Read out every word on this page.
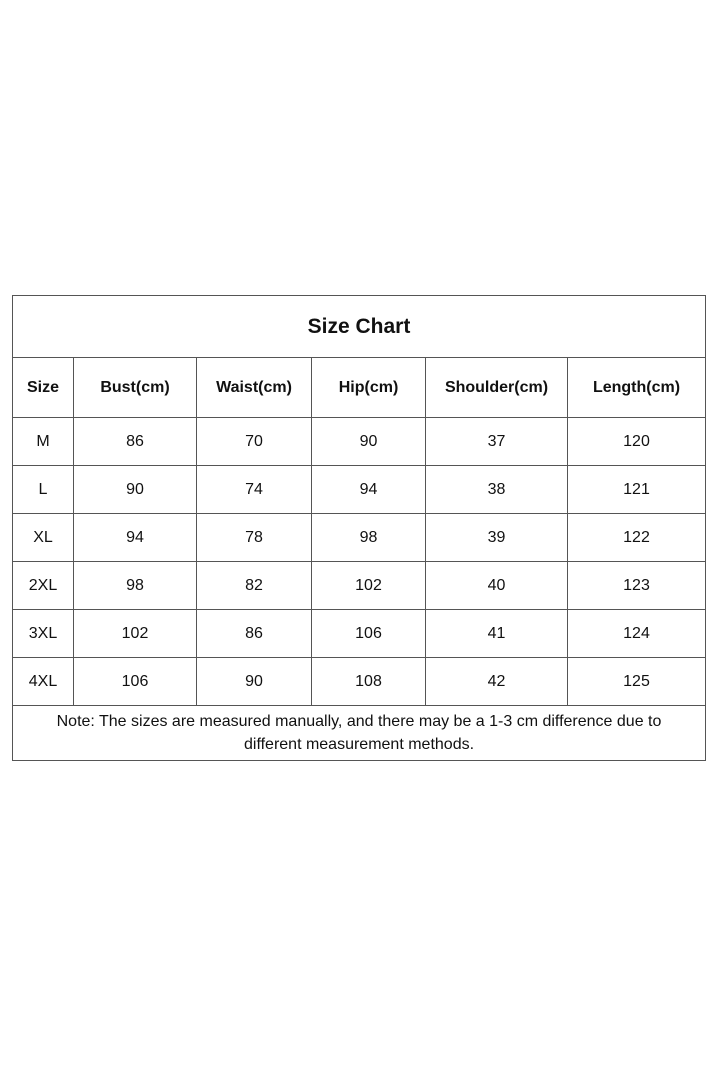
Size Chart					
Size	Bust(cm)	Waist(cm)	Hip(cm)	Shoulder(cm)	Length(cm)
M	86	70	90	37	120
L	90	74	94	38	121
XL	94	78	98	39	122
2XL	98	82	102	40	123
3XL	102	86	106	41	124
4XL	106	90	108	42	125
Note: The sizes are measured manually, and there may be a 1-3 cm difference due to different measurement methods.					
